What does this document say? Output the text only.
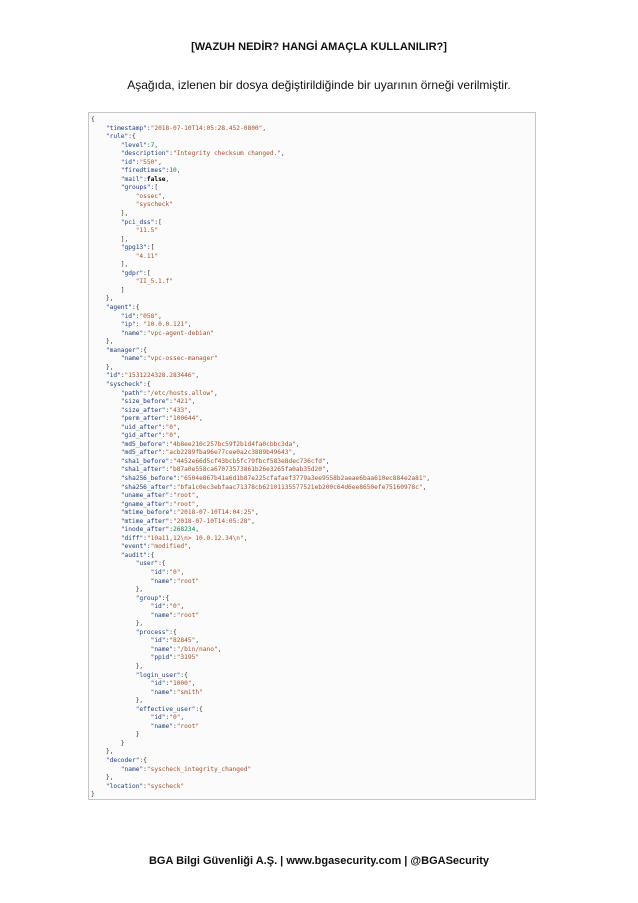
[WAZUH NEDİR? HANGİ AMAÇLA KULLANILIR?]
Aşağıda, izlenen bir dosya değiştirildiğinde bir uyarının örneği verilmiştir.
{
"timestamp":"2018-07-10T14:05:28.452-0800",
"rule":{
"level":7,
"description":"Integrity checksum changed.",
"id":"550",
"firedtimes":10,
"mail":false,
"groups":[
"ossec",
"syscheck"
],
"pci_dss":[
"11.5"
],
"gpg13":[
"4.11"
],
"gdpr":[
"II_5.1.f"
]
},
"agent":{
"id":"058",
"ip": "10.0.0.121",
"name":"vpc-agent-debian"
},
"manager":{
"name":"vpc-ossec-manager"
},
"id":"1531224328.283446",
"syscheck":{
"path":"/etc/hosts.allow",
"size_before":"421",
"size_after":"433",
"perm_after":"100644",
"uid_after":"0",
"gid_after":"0",
"md5_before":"4b8ee210c257bc59f2b1d4fa0cbbc3da",
"md5_after":"acb2289fba96e77cee0a2c3889b49643",
"sha1_before":"4452e66d5cf43bcb5fc79fbcf583e8dec736cfd",
"sha1_after":"b87a0e558ca67073573861b26e3265fa0ab35d20",
"sha256_before":"6504e867b41a6d1b87e225cfafaef3779a3ee9558b2aeae6baa610ec884e2a81",
"sha256_after":"bfa1c0ec3ebfaac71378cb62101135577521eb200c64d6ee8650efe75160978c",
"uname_after":"root",
"gname_after":"root",
"mtime_before":"2018-07-10T14:04:25",
"mtime_after":"2018-07-10T14:05:28",
"inode_after":268234,
"diff":"10a11,12\n> 10.0.12.34\n",
"event":"modified",
"audit":{
"user":{
"id":"0",
"name":"root"
},
"group":{
"id":"0",
"name":"root"
},
"process":{
"id":"82845",
"name":"/bin/nano",
"ppid":"3195"
},
"login_user":{
"id":"1000",
"name":"smith"
},
"effective_user":{
"id":"0",
"name":"root"
}
}
},
"decoder":{
"name":"syscheck_integrity_changed"
},
"location":"syscheck"
}
BGA Bilgi Güvenliği A.Ş. | www.bgasecurity.com | @BGASecurity
